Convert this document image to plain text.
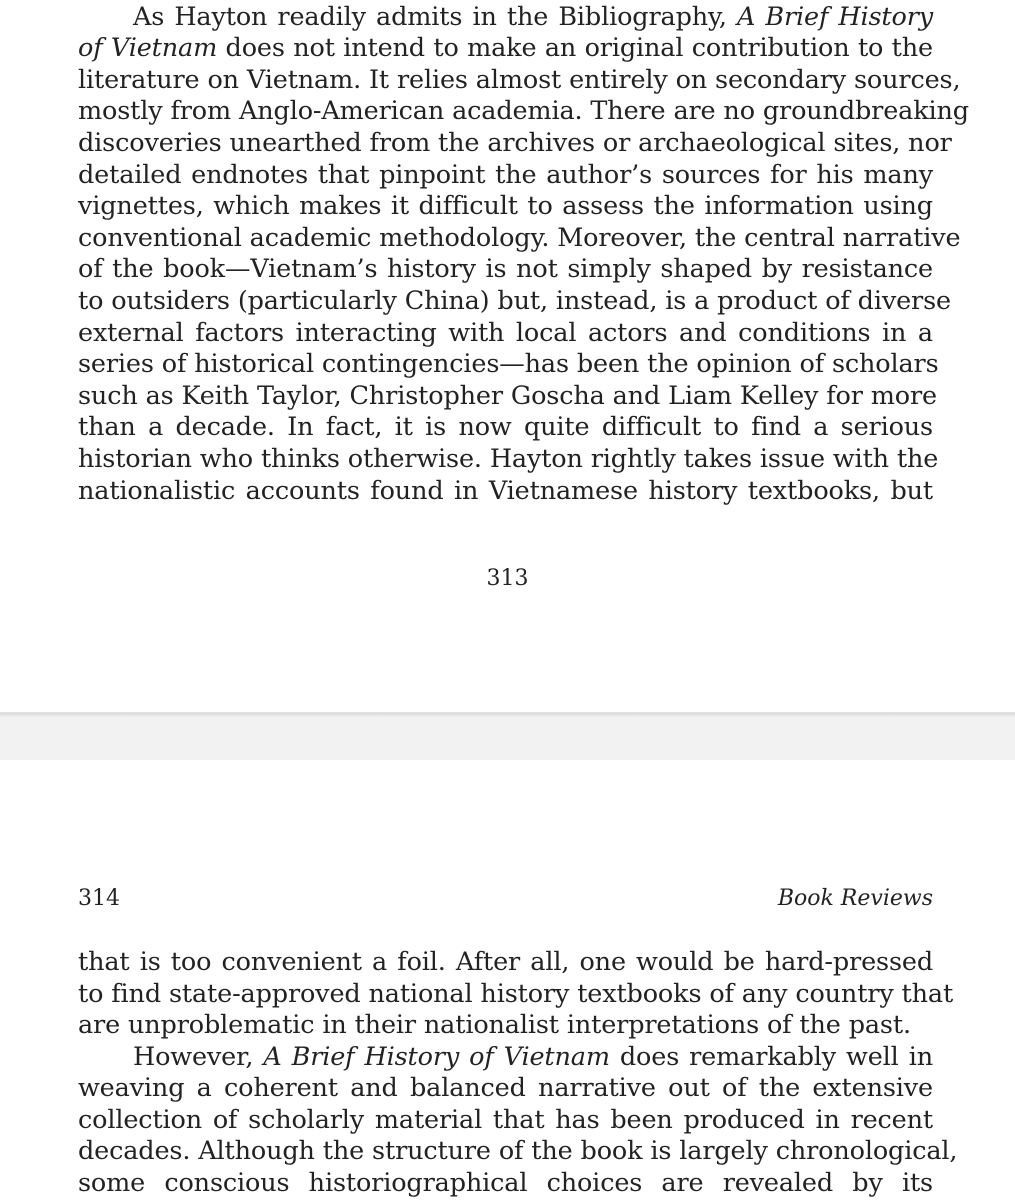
As Hayton readily admits in the Bibliography, A Brief History
of Vietnam does not intend to make an original contribution to the
literature on Vietnam. It relies almost entirely on secondary sources,
mostly from Anglo-American academia. There are no groundbreaking
discoveries unearthed from the archives or archaeological sites, nor
detailed endnotes that pinpoint the author’s sources for his many
vignettes, which makes it difficult to assess the information using
conventional academic methodology. Moreover, the central narrative
of the book—Vietnam’s history is not simply shaped by resistance
to outsiders (particularly China) but, instead, is a product of diverse
external factors interacting with local actors and conditions in a
series of historical contingencies—has been the opinion of scholars
such as Keith Taylor, Christopher Goscha and Liam Kelley for more
than a decade. In fact, it is now quite difficult to find a serious
historian who thinks otherwise. Hayton rightly takes issue with the
nationalistic accounts found in Vietnamese history textbooks, but
313
314	Book Reviews
that is too convenient a foil. After all, one would be hard-pressed
to find state-approved national history textbooks of any country that
are unproblematic in their nationalist interpretations of the past.
However, A Brief History of Vietnam does remarkably well in
weaving a coherent and balanced narrative out of the extensive
collection of scholarly material that has been produced in recent
decades. Although the structure of the book is largely chronological,
some conscious historiographical choices are revealed by its
